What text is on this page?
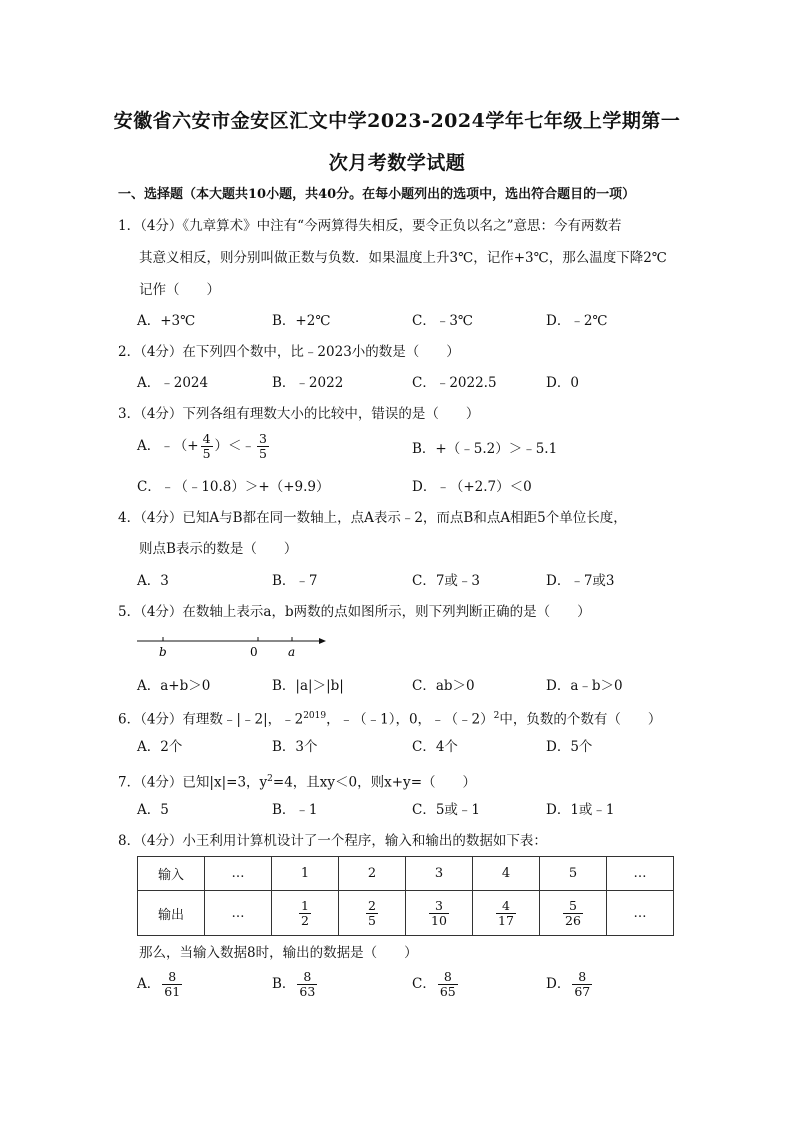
安徽省六安市金安区汇文中学2023-2024学年七年级上学期第一
次月考数学试题
一、选择题（本大题共10小题，共40分。在每小题列出的选项中，选出符合题目的一项）
1．（4分）《九章算术》中注有“今两算得失相反，要令正负以名之”意思：今有两数若
其意义相反，则分别叫做正数与负数．如果温度上升3℃，记作+3℃，那么温度下降2℃
记作（　　）
A．+3℃	B．+2℃	C．﹣3℃	D．﹣2℃
2．（4分）在下列四个数中，比﹣2023小的数是（　　）
A．﹣2024	B．﹣2022	C．﹣2022.5	D．0
3．（4分）下列各组有理数大小的比较中，错误的是（　　）
A．﹣（+ $\frac{4}{5}$ ）＜﹣ $\frac{3}{5}$	B．+（﹣5.2）＞﹣5.1
C．﹣（﹣10.8）＞+（+9.9）	D．﹣（+2.7）＜0
4．（4分）已知A与B都在同一数轴上，点A表示﹣2，而点B和点A相距5个单位长度，
则点B表示的数是（　　）
A．3	B．﹣7	C．7或﹣3	D．﹣7或3
5．（4分）在数轴上表示a，b两数的点如图所示，则下列判断正确的是（　　）
b	0	a
A．a+b＞0	B．|a|＞|b|	C．ab＞0	D．a﹣b＞0
6．（4分）有理数﹣|﹣2|，$﹣2^{2019}$，﹣（﹣1），0，﹣（﹣2）$^2$中，负数的个数有（　　）
A．2个	B．3个	C．4个	D．5个
7．（4分）已知|x|=3，$y^2=4$，且xy＜0，则x+y=（　　）
A．5	B．﹣1	C．5或﹣1	D．1或﹣1
8．（4分）小王利用计算机设计了一个程序，输入和输出的数据如下表：
输入	…	1	2	3	4	5	…
输出	…	$\frac{1}{2}$	$\frac{2}{5}$	$\frac{3}{10}$	$\frac{4}{17}$	$\frac{5}{26}$	…
那么，当输入数据8时，输出的数据是（　　）
A． $\frac{8}{61}$	B． $\frac{8}{63}$	C． $\frac{8}{65}$	D． $\frac{8}{67}$
